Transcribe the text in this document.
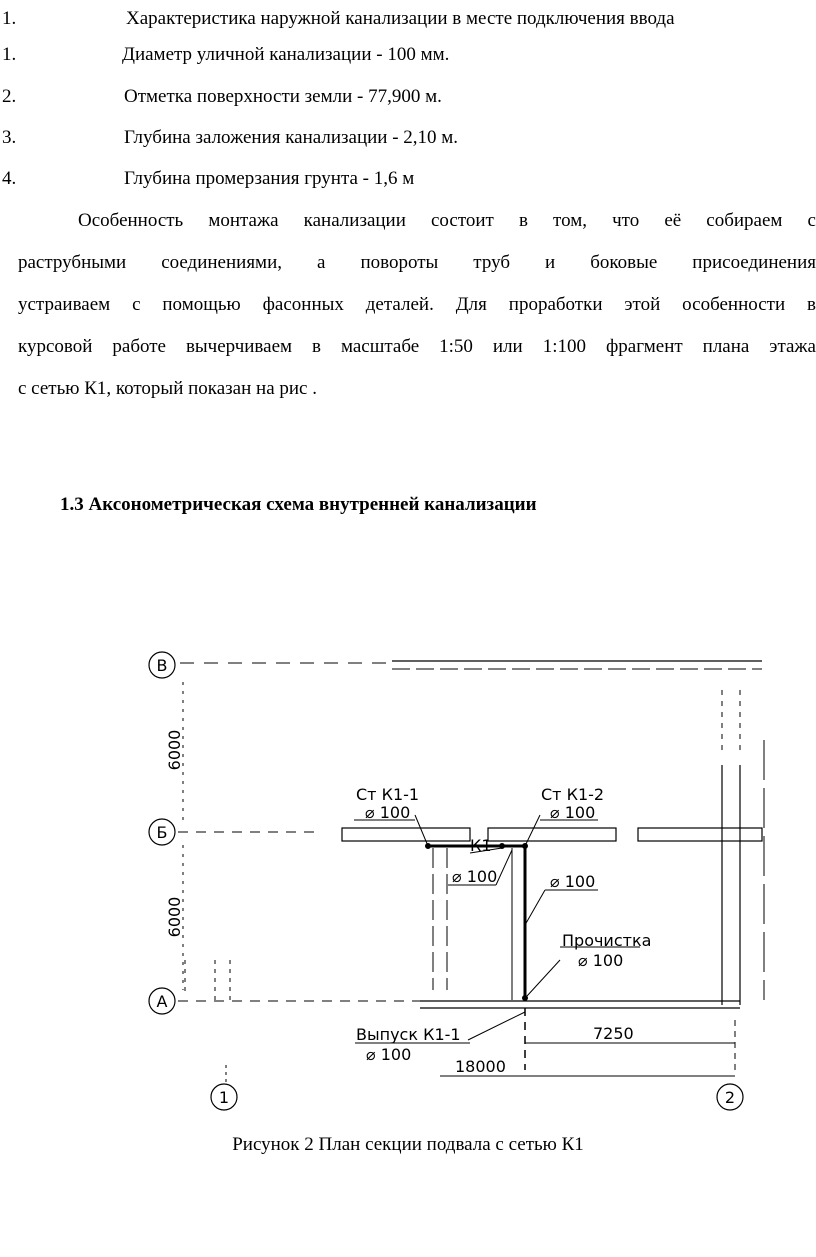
1.	Характеристика наружной канализации в месте подключения ввода
1.	Диаметр уличной канализации - 100 мм.
2.	Отметка поверхности земли - 77,900 м.
3.	Глубина заложения канализации - 2,10 м.
4.	Глубина промерзания грунта - 1,6 м
Особенность монтажа канализации состоит в том, что её собираем с
раструбными соединениями, а повороты труб и боковые присоединения
устраиваем с помощью фасонных деталей. Для проработки этой особенности в
курсовой работе вычерчиваем в масштабе 1:50 или 1:100 фрагмент плана этажа
с сетью К1, который показан на рис .
1.3 Аксонометрическая схема внутренней канализации
В
Б
А
1	2
6000
6000
7250
18000
Ст К1-1
⌀ 100
Ст К1-2
⌀ 100
К1
⌀ 100	⌀ 100
Прочистка
⌀ 100
Выпуск К1-1
⌀ 100
Рисунок 2 План секции подвала с сетью К1
